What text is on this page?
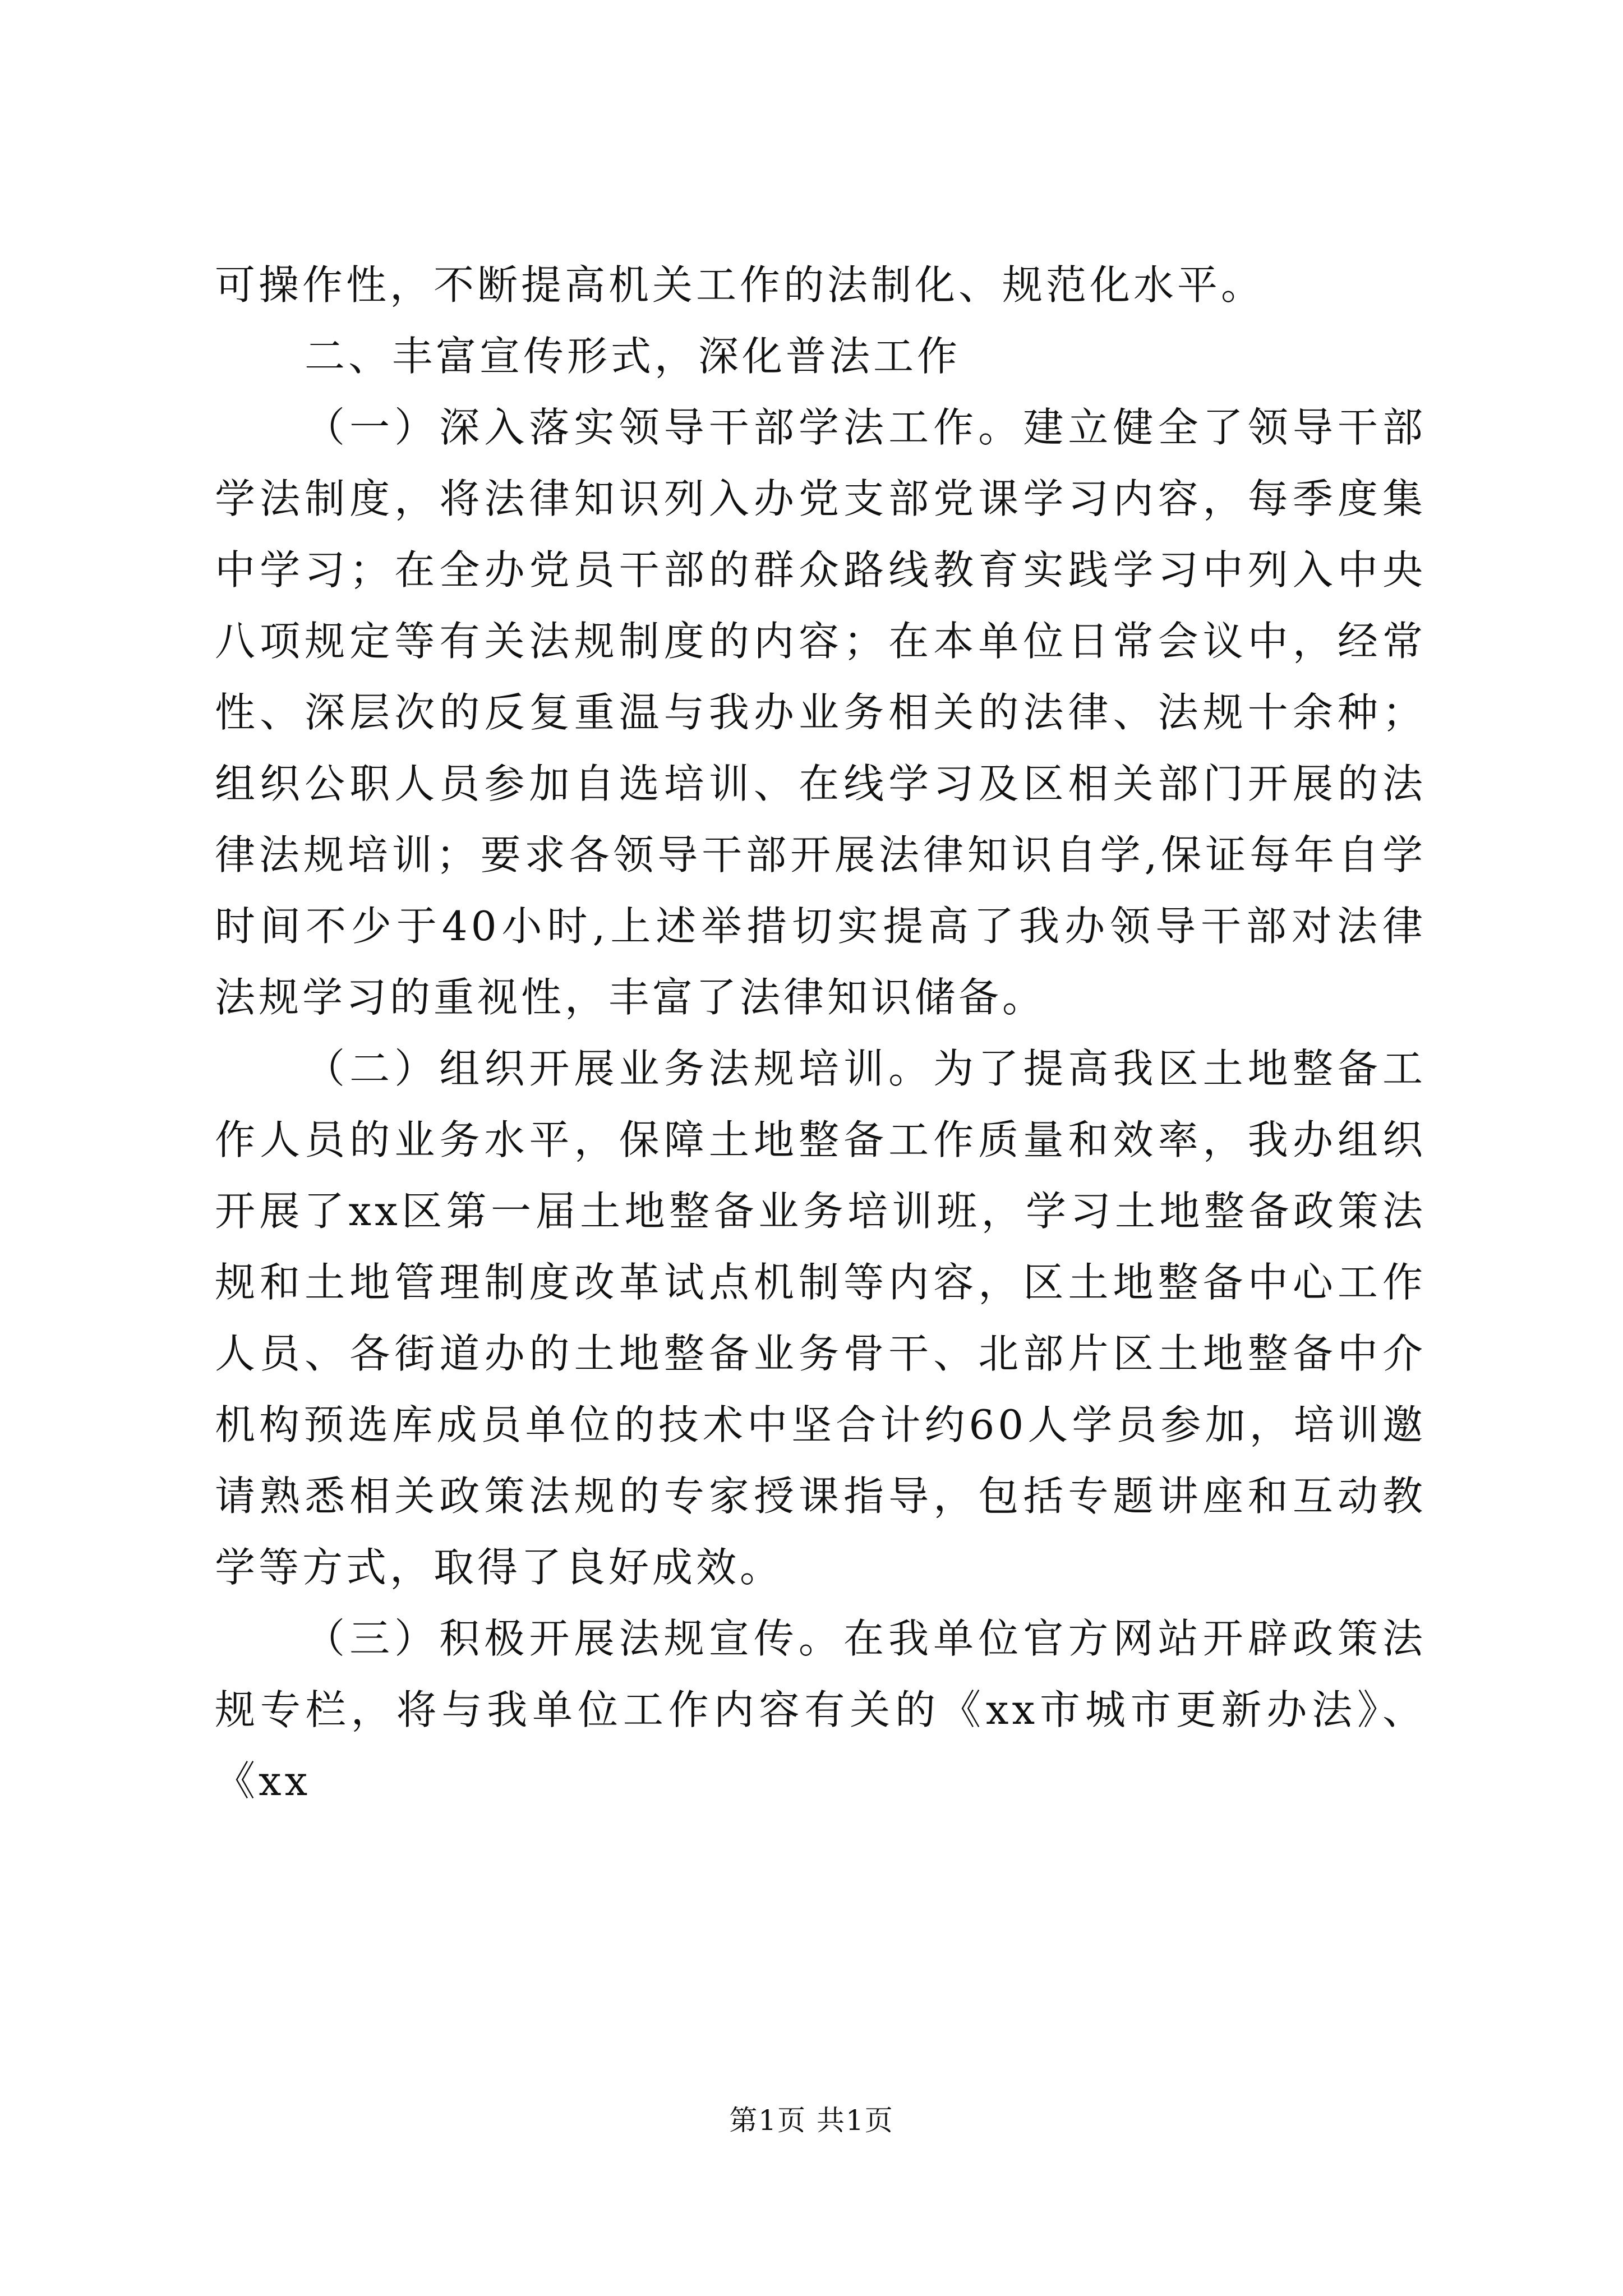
可操作性，不断提高机关工作的法制化、规范化水平。

二、丰富宣传形式，深化普法工作

（一）深入落实领导干部学法工作。建立健全了领导干部学法制度，将法律知识列入办党支部党课学习内容，每季度集中学习；在全办党员干部的群众路线教育实践学习中列入中央八项规定等有关法规制度的内容；在本单位日常会议中，经常性、深层次的反复重温与我办业务相关的法律、法规十余种；组织公职人员参加自选培训、在线学习及区相关部门开展的法律法规培训；要求各领导干部开展法律知识自学,保证每年自学时间不少于40小时,上述举措切实提高了我办领导干部对法律法规学习的重视性，丰富了法律知识储备。

（二）组织开展业务法规培训。为了提高我区土地整备工作人员的业务水平，保障土地整备工作质量和效率，我办组织开展了xx区第一届土地整备业务培训班，学习土地整备政策法规和土地管理制度改革试点机制等内容，区土地整备中心工作人员、各街道办的土地整备业务骨干、北部片区土地整备中介机构预选库成员单位的技术中坚合计约60人学员参加，培训邀请熟悉相关政策法规的专家授课指导，包括专题讲座和互动教学等方式，取得了良好成效。

（三）积极开展法规宣传。在我单位官方网站开辟政策法规专栏，将与我单位工作内容有关的《xx市城市更新办法》、《xx

第1页 共1页
